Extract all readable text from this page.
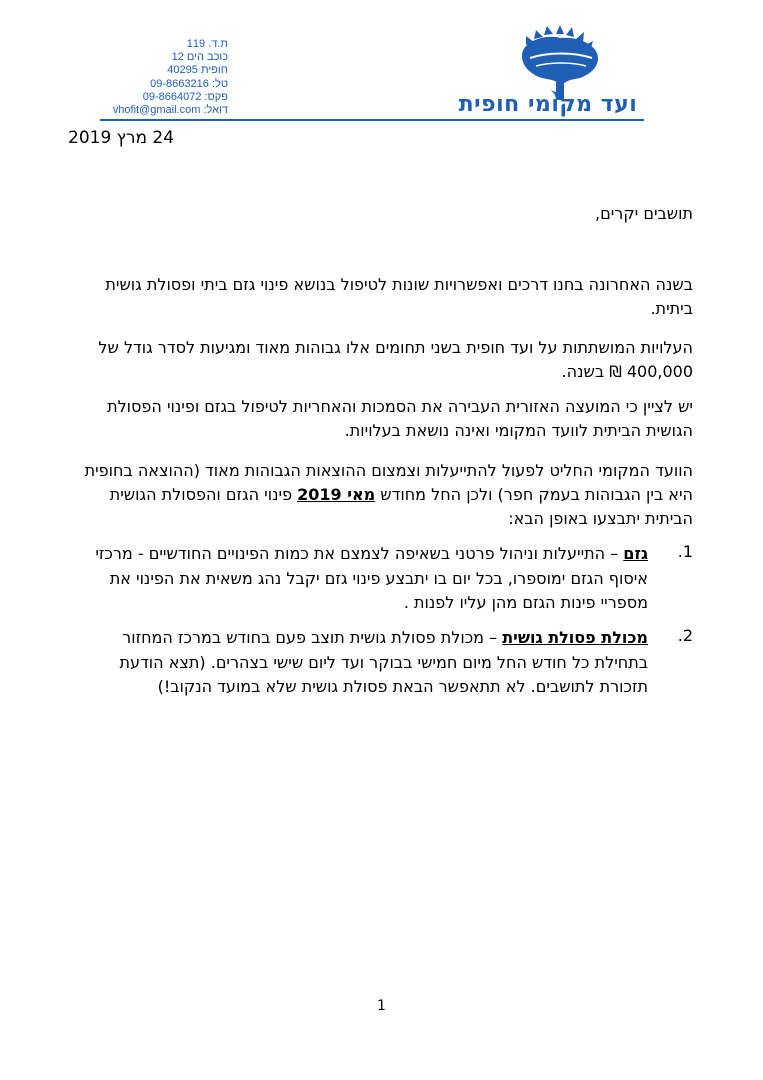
ת.ד. 119
כוכב הים 12
חופית 40295
טל: 09-8663216
פקס: 09-8664072
דואל: vhofit@gmail.com	ועד מקומי חופית
24 מרץ 2019
תושבים יקרים,
בשנה האחרונה בחנו דרכים ואפשרויות שונות לטיפול בנושא פינוי גזם ביתי ופסולת גושית ביתית.
העלויות המושתתות על ועד חופית בשני תחומים אלו גבוהות מאוד ומגיעות לסדר גודל של 400,000 ₪ בשנה.
יש לציין כי המועצה האזורית העבירה את הסמכות והאחריות לטיפול בגזם ופינוי הפסולת הגושית הביתית לוועד המקומי ואינה נושאת בעלויות.
הוועד המקומי החליט לפעול להתייעלות וצמצום ההוצאות הגבוהות מאוד (ההוצאה בחופית היא בין הגבוהות בעמק חפר) ולכן החל מחודש מאי 2019 פינוי הגזם והפסולת הגושית הביתית יתבצעו באופן הבא:
1.
גזם – התייעלות וניהול פרטני בשאיפה לצמצם את כמות הפינויים החודשיים - מרכזי איסוף הגזם ימוספרו, בכל יום בו יתבצע פינוי גזם יקבל נהג משאית את הפינוי את מספריי פינות הגזם מהן עליו לפנות .
2.
מכולת פסולת גושית – מכולת פסולת גושית תוצב פעם בחודש במרכז המחזור בתחילת כל חודש החל מיום חמישי בבוקר ועד ליום שישי בצהרים. (תצא הודעת תזכורת לתושבים. לא תתאפשר הבאת פסולת גושית שלא במועד הנקוב!)
1
